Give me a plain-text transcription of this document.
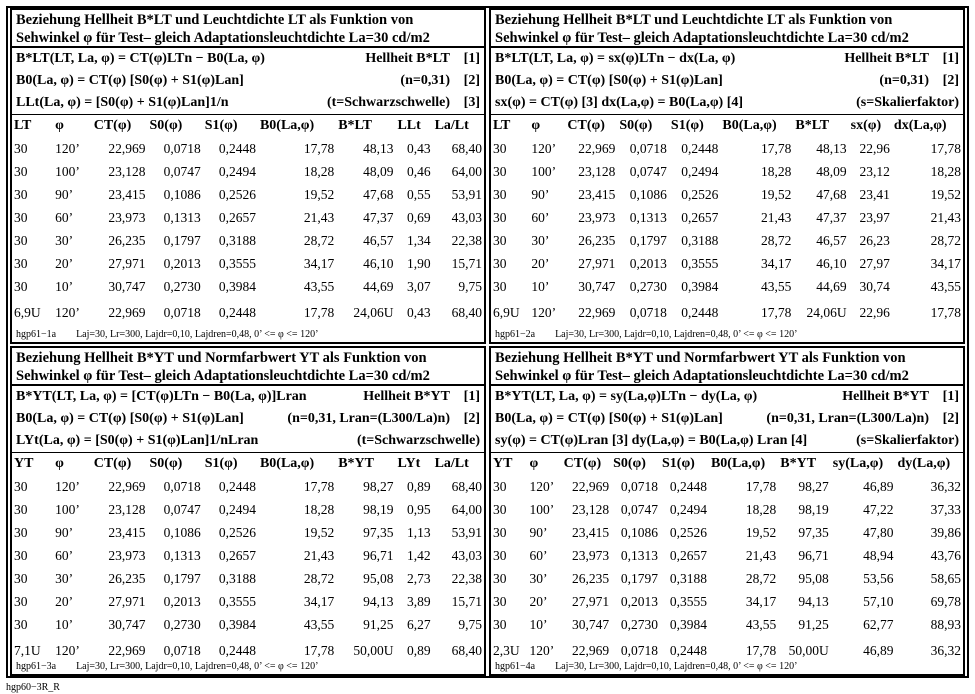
Beziehung Hellheit B*LT und Leuchtdichte LT als Funktion von
Sehwinkel φ für Test– gleich Adaptationsleuchtdichte La=30 cd/m2
B*LT(LT, La, φ) = CT(φ)LTn − B0(La, φ)	Hellheit B*LT [1]
B0(La, φ) = CT(φ) [S0(φ) + S1(φ)Lan]	(n=0,31) [2]
LLt(La, φ) = [S0(φ) + S1(φ)Lan]1/n	(t=Schwarzschwelle) [3]
LT	φ	CT(φ)	S0(φ)	S1(φ)	B0(La,φ)	B*LT	LLt	La/Lt
30	120’	22,969	0,0718	0,2448	17,78	48,13	0,43	68,40
30	100’	23,128	0,0747	0,2494	18,28	48,09	0,46	64,00
30	90’	23,415	0,1086	0,2526	19,52	47,68	0,55	53,91
30	60’	23,973	0,1313	0,2657	21,43	47,37	0,69	43,03
30	30’	26,235	0,1797	0,3188	28,72	46,57	1,34	22,38
30	20’	27,971	0,2013	0,3555	34,17	46,10	1,90	15,71
30	10’	30,747	0,2730	0,3984	43,55	44,69	3,07	9,75
6,9U	120’	22,969	0,0718	0,2448	17,78	24,06U	0,43	68,40
hgp61−1a Laj=30, Lr=300, Lajdr=0,10, Lajdren=0,48, 0’ <= φ <= 120’
Beziehung Hellheit B*LT und Leuchtdichte LT als Funktion von
Sehwinkel φ für Test– gleich Adaptationsleuchtdichte La=30 cd/m2
B*LT(LT, La, φ) = sx(φ)LTn − dx(La, φ)	Hellheit B*LT [1]
B0(La, φ) = CT(φ) [S0(φ) + S1(φ)Lan]	(n=0,31) [2]
sx(φ) = CT(φ) [3] dx(La,φ) = B0(La,φ) [4]	(s=Skalierfaktor)
LT	φ	CT(φ)	S0(φ)	S1(φ)	B0(La,φ)	B*LT	sx(φ)	dx(La,φ)
30	120’	22,969	0,0718	0,2448	17,78	48,13	22,96	17,78
30	100’	23,128	0,0747	0,2494	18,28	48,09	23,12	18,28
30	90’	23,415	0,1086	0,2526	19,52	47,68	23,41	19,52
30	60’	23,973	0,1313	0,2657	21,43	47,37	23,97	21,43
30	30’	26,235	0,1797	0,3188	28,72	46,57	26,23	28,72
30	20’	27,971	0,2013	0,3555	34,17	46,10	27,97	34,17
30	10’	30,747	0,2730	0,3984	43,55	44,69	30,74	43,55
6,9U	120’	22,969	0,0718	0,2448	17,78	24,06U	22,96	17,78
hgp61−2a Laj=30, Lr=300, Lajdr=0,10, Lajdren=0,48, 0’ <= φ <= 120’
Beziehung Hellheit B*YT und Normfarbwert YT als Funktion von
Sehwinkel φ für Test– gleich Adaptationsleuchtdichte La=30 cd/m2
B*YT(LT, La, φ) = [CT(φ)LTn − B0(La, φ)]Lran	Hellheit B*YT [1]
B0(La, φ) = CT(φ) [S0(φ) + S1(φ)Lan]	(n=0,31, Lran=(L300/La)n) [2]
LYt(La, φ) = [S0(φ) + S1(φ)Lan]1/nLran	(t=Schwarzschwelle)
YT	φ	CT(φ)	S0(φ)	S1(φ)	B0(La,φ)	B*YT	LYt	La/Lt
30	120’	22,969	0,0718	0,2448	17,78	98,27	0,89	68,40
30	100’	23,128	0,0747	0,2494	18,28	98,19	0,95	64,00
30	90’	23,415	0,1086	0,2526	19,52	97,35	1,13	53,91
30	60’	23,973	0,1313	0,2657	21,43	96,71	1,42	43,03
30	30’	26,235	0,1797	0,3188	28,72	95,08	2,73	22,38
30	20’	27,971	0,2013	0,3555	34,17	94,13	3,89	15,71
30	10’	30,747	0,2730	0,3984	43,55	91,25	6,27	9,75
7,1U	120’	22,969	0,0718	0,2448	17,78	50,00U	0,89	68,40
hgp61−3a Laj=30, Lr=300, Lajdr=0,10, Lajdren=0,48, 0’ <= φ <= 120’
Beziehung Hellheit B*YT und Normfarbwert YT als Funktion von
Sehwinkel φ für Test– gleich Adaptationsleuchtdichte La=30 cd/m2
B*YT(LT, La, φ) = sy(La,φ)LTn − dy(La, φ)	Hellheit B*YT [1]
B0(La, φ) = CT(φ) [S0(φ) + S1(φ)Lan]	(n=0,31, Lran=(L300/La)n) [2]
sy(φ) = CT(φ)Lran [3] dy(La,φ) = B0(La,φ) Lran [4]	(s=Skalierfaktor)
YT	φ	CT(φ)	S0(φ)	S1(φ)	B0(La,φ)	B*YT	sy(La,φ)	dy(La,φ)
30	120’	22,969	0,0718	0,2448	17,78	98,27	46,89	36,32
30	100’	23,128	0,0747	0,2494	18,28	98,19	47,22	37,33
30	90’	23,415	0,1086	0,2526	19,52	97,35	47,80	39,86
30	60’	23,973	0,1313	0,2657	21,43	96,71	48,94	43,76
30	30’	26,235	0,1797	0,3188	28,72	95,08	53,56	58,65
30	20’	27,971	0,2013	0,3555	34,17	94,13	57,10	69,78
30	10’	30,747	0,2730	0,3984	43,55	91,25	62,77	88,93
2,3U	120’	22,969	0,0718	0,2448	17,78	50,00U	46,89	36,32
hgp61−4a Laj=30, Lr=300, Lajdr=0,10, Lajdren=0,48, 0’ <= φ <= 120’
hgp60−3R_R
